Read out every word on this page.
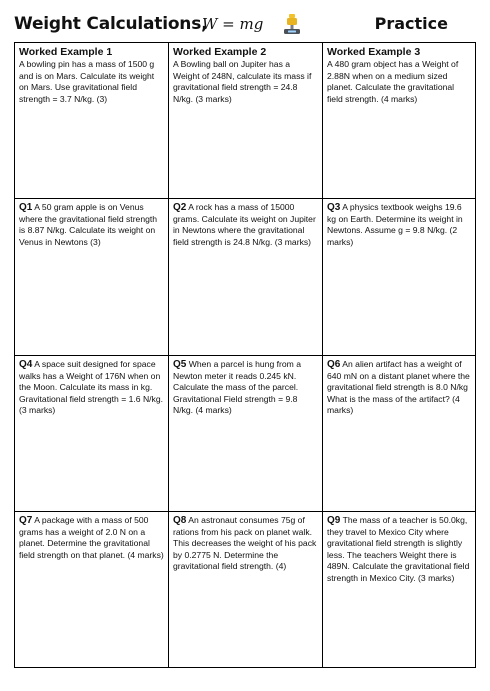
Weight Calculations,
W = mg	Practice
Worked Example 1
A bowling pin has a mass of 1500 g and is on Mars. Calculate its weight on Mars. Use gravitational field strength = 3.7 N/kg. (3)
Worked Example 2
A Bowling ball on Jupiter has a Weight of 248N, calculate its mass if gravitational field strength = 24.8 N/kg. (3 marks)
Worked Example 3
A 480 gram object has a Weight of 2.88N when on a medium sized planet. Calculate the gravitational field strength. (4 marks)
Q1 A 50 gram apple is on Venus where the gravitational field strength is 8.87 N/kg. Calculate its weight on Venus in Newtons (3)
Q2 A rock has a mass of 15000 grams. Calculate its weight on Jupiter in Newtons where the gravitational field strength is 24.8 N/kg. (3 marks)
Q3 A physics textbook weighs 19.6 kg on Earth. Determine its weight in Newtons. Assume g = 9.8 N/kg. (2 marks)
Q4 A space suit designed for space walks has a Weight of 176N when on the Moon. Calculate its mass in kg. Gravitational field strength = 1.6 N/kg. (3 marks)
Q5 When a parcel is hung from a Newton meter it reads 0.245 kN. Calculate the mass of the parcel. Gravitational Field strength = 9.8 N/kg. (4 marks)
Q6 An alien artifact has a weight of 640 mN on a distant planet where the gravitational field strength is 8.0 N/kg What is the mass of the artifact? (4 marks)
Q7 A package with a mass of 500 grams has a weight of 2.0 N on a planet. Determine the gravitational field strength on that planet. (4 marks)
Q8 An astronaut consumes 75g of rations from his pack on planet walk. This decreases the weight of his pack by 0.2775 N. Determine the gravitational field strength. (4)
Q9 The mass of a teacher is 50.0kg, they travel to Mexico City where gravitational field strength is slightly less. The teachers Weight there is 489N. Calculate the gravitational field strength in Mexico City. (3 marks)
